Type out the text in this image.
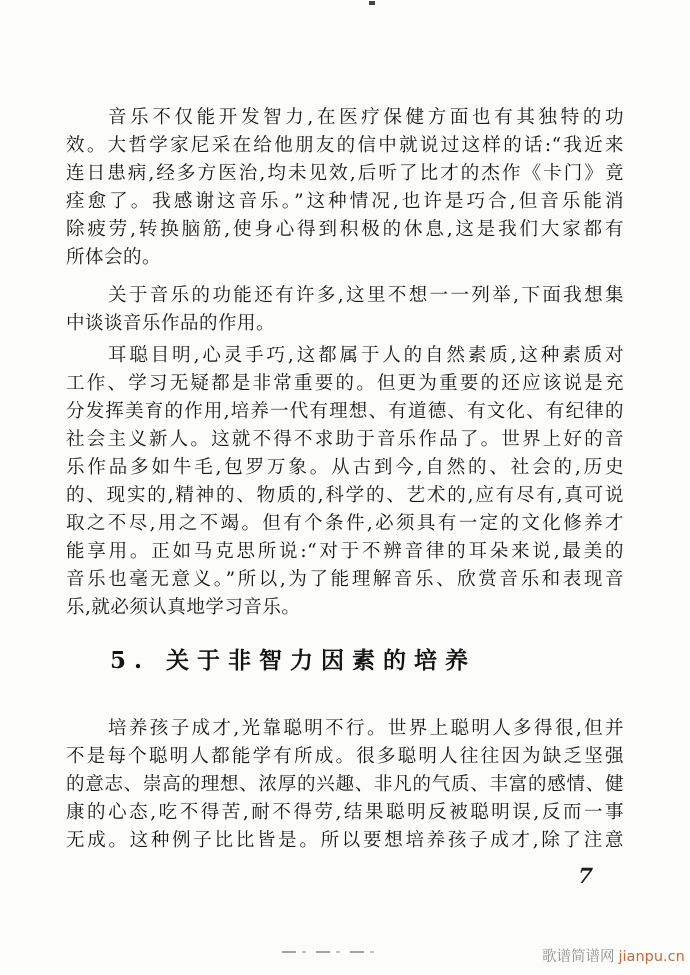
音乐不仅能开发智力,在医疗保健方面也有其独特的功
效。大哲学家尼采在给他朋友的信中就说过这样的话:“我近来
连日患病,经多方医治,均未见效,后听了比才的杰作《卡门》竟
痊愈了。我感谢这音乐。”这种情况,也许是巧合,但音乐能消
除疲劳,转换脑筋,使身心得到积极的休息,这是我们大家都有
所体会的。
关于音乐的功能还有许多,这里不想一一列举,下面我想集
中谈谈音乐作品的作用。
耳聪目明,心灵手巧,这都属于人的自然素质,这种素质对
工作、学习无疑都是非常重要的。但更为重要的还应该说是充
分发挥美育的作用,培养一代有理想、有道德、有文化、有纪律的
社会主义新人。这就不得不求助于音乐作品了。世界上好的音
乐作品多如牛毛,包罗万象。从古到今,自然的、社会的,历史
的、现实的,精神的、物质的,科学的、艺术的,应有尽有,真可说
取之不尽,用之不竭。但有个条件,必须具有一定的文化修养才
能享用。正如马克思所说:“对于不辨音律的耳朵来说,最美的
音乐也毫无意义。”所以,为了能理解音乐、欣赏音乐和表现音
乐,就必须认真地学习音乐。
5. 关于非智力因素的培养
培养孩子成才,光靠聪明不行。世界上聪明人多得很,但并
不是每个聪明人都能学有所成。很多聪明人往往因为缺乏坚强
的意志、崇高的理想、浓厚的兴趣、非凡的气质、丰富的感情、健
康的心态,吃不得苦,耐不得劳,结果聪明反被聪明误,反而一事
无成。这种例子比比皆是。所以要想培养孩子成才,除了注意
7
歌谱简谱网 jianpu.cn
